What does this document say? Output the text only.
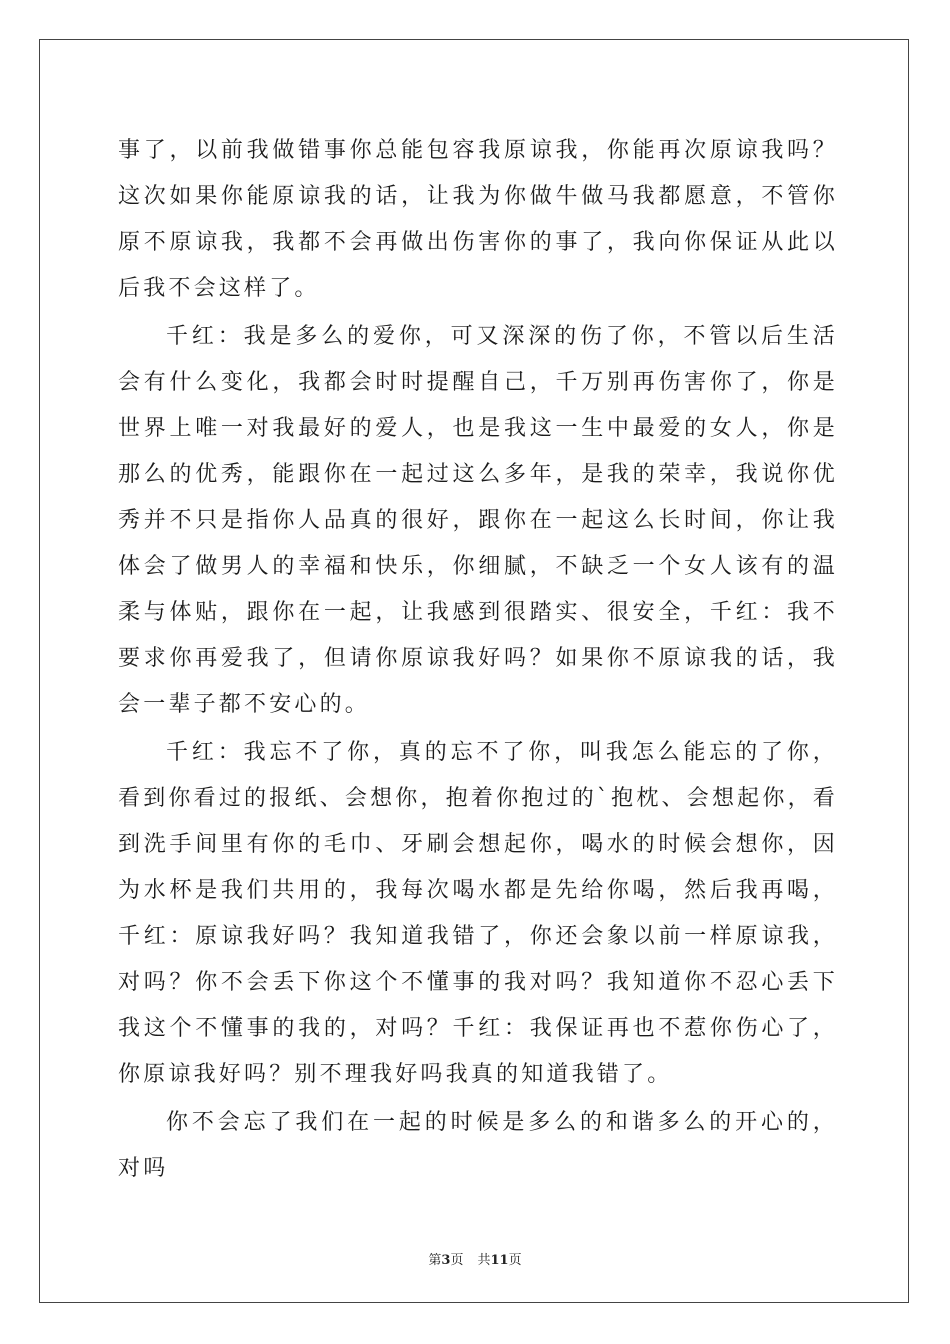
事了，以前我做错事你总能包容我原谅我，你能再次原谅我吗？这次如果你能原谅我的话，让我为你做牛做马我都愿意，不管你原不原谅我，我都不会再做出伤害你的事了，我向你保证从此以后我不会这样了。

千红：我是多么的爱你，可又深深的伤了你，不管以后生活会有什么变化，我都会时时提醒自己，千万别再伤害你了，你是世界上唯一对我最好的爱人，也是我这一生中最爱的女人，你是那么的优秀，能跟你在一起过这么多年，是我的荣幸，我说你优秀并不只是指你人品真的很好，跟你在一起这么长时间，你让我体会了做男人的幸福和快乐，你细腻，不缺乏一个女人该有的温柔与体贴，跟你在一起，让我感到很踏实、很安全，千红：我不要求你再爱我了，但请你原谅我好吗？如果你不原谅我的话，我会一辈子都不安心的。

千红：我忘不了你，真的忘不了你，叫我怎么能忘的了你，看到你看过的报纸、会想你，抱着你抱过的`抱枕、会想起你，看到洗手间里有你的毛巾、牙刷会想起你，喝水的时候会想你，因为水杯是我们共用的，我每次喝水都是先给你喝，然后我再喝，千红：原谅我好吗？我知道我错了，你还会象以前一样原谅我，对吗？你不会丢下你这个不懂事的我对吗？我知道你不忍心丢下我这个不懂事的我的，对吗？千红：我保证再也不惹你伤心了，你原谅我好吗？别不理我好吗我真的知道我错了。

你不会忘了我们在一起的时候是多么的和谐多么的开心的，对吗

第3页 共11页
